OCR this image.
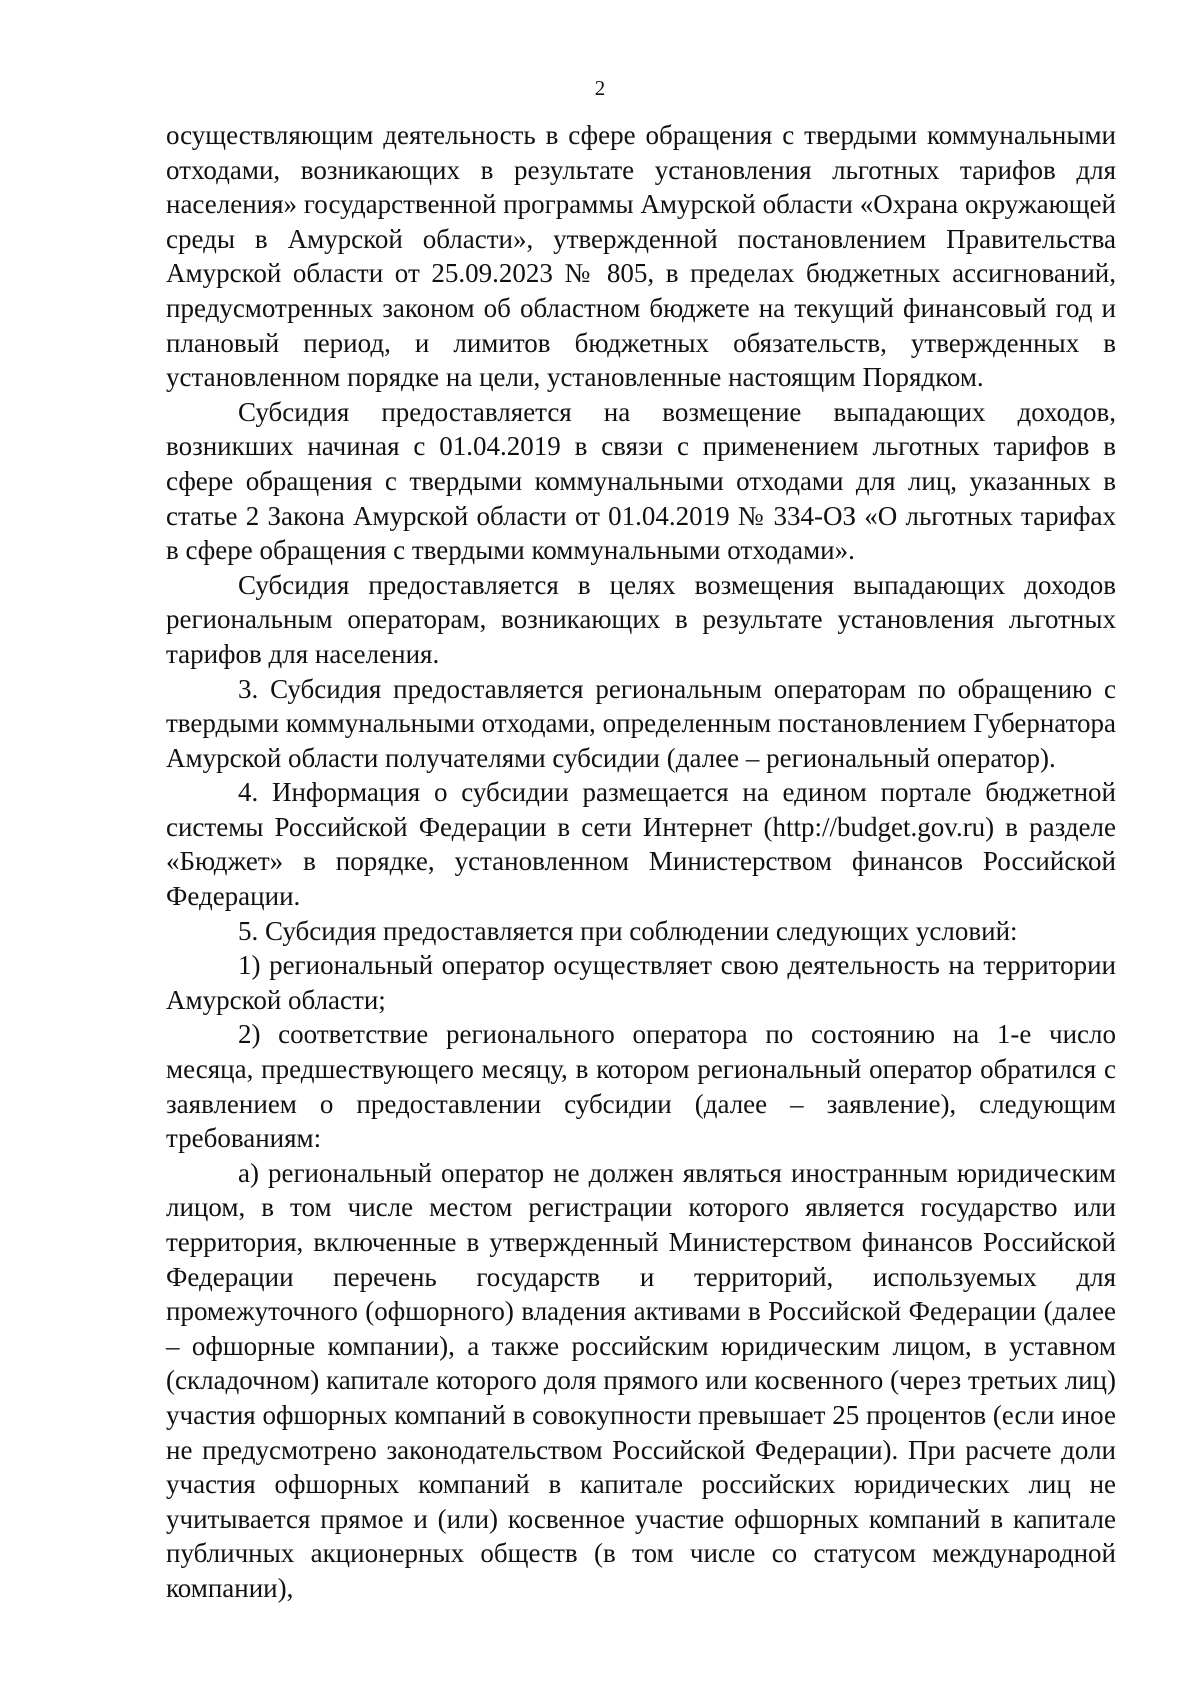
2

осуществляющим деятельность в сфере обращения с твердыми коммунальными отходами, возникающих в результате установления льготных тарифов для населения» государственной программы Амурской области «Охрана окружающей среды в Амурской области», утвержденной постановлением Правительства Амурской области от 25.09.2023 № 805, в пределах бюджетных ассигнований, предусмотренных законом об областном бюджете на текущий финансовый год и плановый период, и лимитов бюджетных обязательств, утвержденных в установленном порядке на цели, установленные настоящим Порядком.

Субсидия предоставляется на возмещение выпадающих доходов, возникших начиная с 01.04.2019 в связи с применением льготных тарифов в сфере обращения с твердыми коммунальными отходами для лиц, указанных в статье 2 Закона Амурской области от 01.04.2019 № 334-ОЗ «О льготных тарифах в сфере обращения с твердыми коммунальными отходами».

Субсидия предоставляется в целях возмещения выпадающих доходов региональным операторам, возникающих в результате установления льготных тарифов для населения.

3. Субсидия предоставляется региональным операторам по обращению с твердыми коммунальными отходами, определенным постановлением Губернатора Амурской области получателями субсидии (далее – региональный оператор).

4. Информация о субсидии размещается на едином портале бюджетной системы Российской Федерации в сети Интернет (http://budget.gov.ru) в разделе «Бюджет» в порядке, установленном Министерством финансов Российской Федерации.

5. Субсидия предоставляется при соблюдении следующих условий:

1) региональный оператор осуществляет свою деятельность на территории Амурской области;

2) соответствие регионального оператора по состоянию на 1-е число месяца, предшествующего месяцу, в котором региональный оператор обратился с заявлением о предоставлении субсидии (далее – заявление), следующим требованиям:

а) региональный оператор не должен являться иностранным юридическим лицом, в том числе местом регистрации которого является государство или территория, включенные в утвержденный Министерством финансов Российской Федерации перечень государств и территорий, используемых для промежуточного (офшорного) владения активами в Российской Федерации (далее – офшорные компании), а также российским юридическим лицом, в уставном (складочном) капитале которого доля прямого или косвенного (через третьих лиц) участия офшорных компаний в совокупности превышает 25 процентов (если иное не предусмотрено законодательством Российской Федерации). При расчете доли участия офшорных компаний в капитале российских юридических лиц не учитывается прямое и (или) косвенное участие офшорных компаний в капитале публичных акционерных обществ (в том числе со статусом международной компании),
